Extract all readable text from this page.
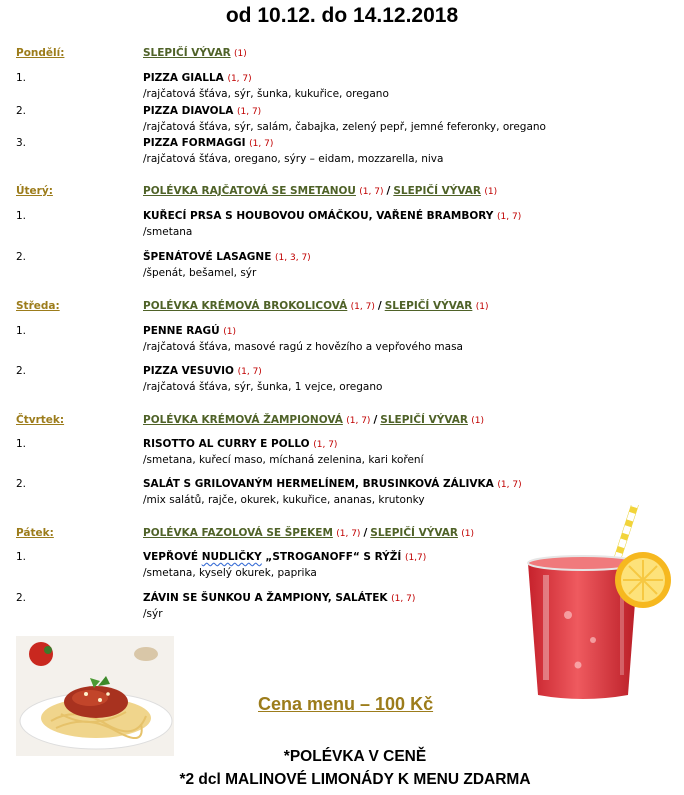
od 10.12. do 14.12.2018
Pondělí:	SLEPIČÍ VÝVAR (1)
1.	PIZZA GIALLA (1, 7)
/rajčatová šťáva, sýr, šunka, kukuřice, oregano
2.	PIZZA DIAVOLA (1, 7)
/rajčatová šťáva, sýr, salám, čabajka, zelený pepř, jemné feferonky, oregano
3.	PIZZA FORMAGGI (1, 7)
/rajčatová šťáva, oregano, sýry – eidam, mozzarella, niva
Úterý:	POLÉVKA RAJČATOVÁ SE SMETANOU (1, 7) / SLEPIČÍ VÝVAR (1)
1.	KUŘECÍ PRSA S HOUBOVOU OMÁČKOU, VAŘENÉ BRAMBORY (1, 7)
/smetana
2.	ŠPENÁTOVÉ LASAGNE (1, 3, 7)
/špenát, bešamel, sýr
Středa:	POLÉVKA KRÉMOVÁ BROKOLICOVÁ (1, 7) / SLEPIČÍ VÝVAR (1)
1.	PENNE RAGÚ (1)
/rajčatová šťáva, masové ragú z hovězího a vepřového masa
2.	PIZZA VESUVIO (1, 7)
/rajčatová šťáva, sýr, šunka, 1 vejce, oregano
Čtvrtek:	POLÉVKA KRÉMOVÁ ŽAMPIONOVÁ (1, 7) / SLEPIČÍ VÝVAR (1)
1.	RISOTTO AL CURRY E POLLO (1, 7)
/smetana, kuřecí maso, míchaná zelenina, kari koření
2.	SALÁT S GRILOVANÝM HERMELÍNEM, BRUSINKOVÁ ZÁLIVKA (1, 7)
/mix salátů, rajče, okurek, kukuřice, ananas, krutonky
Pátek:	POLÉVKA FAZOLOVÁ SE ŠPEKEM (1, 7) / SLEPIČÍ VÝVAR (1)
1.	VEPŘOVÉ NUDLIČKY „STROGANOFF“ S RÝŽÍ (1,7)
/smetana, kyselý okurek, paprika
2.	ZÁVIN SE ŠUNKOU A ŽAMPIONY, SALÁTEK (1, 7)
/sýr
Cena menu – 100 Kč
*POLÉVKA V CENĚ
*2 dcl MALINOVÉ LIMONÁDY K MENU ZDARMA
